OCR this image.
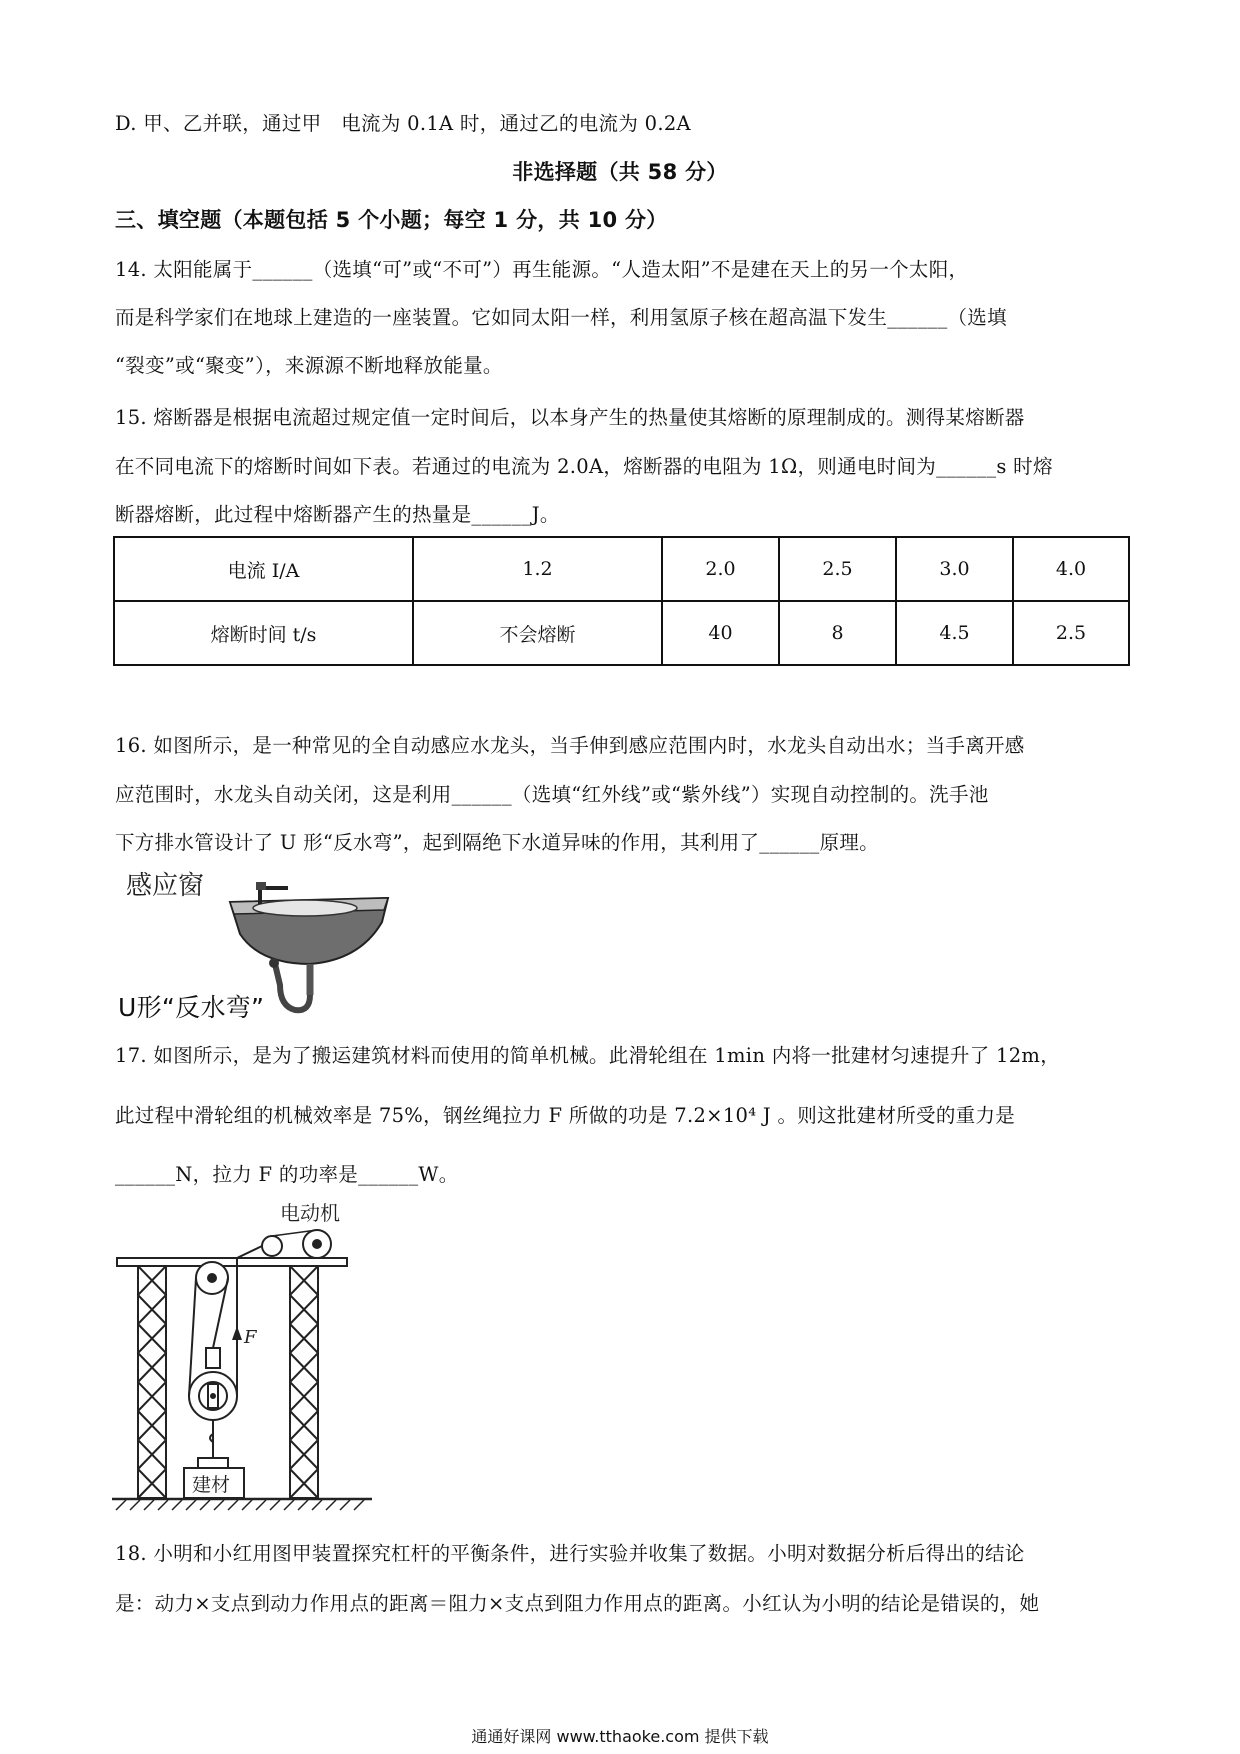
D. 甲、乙并联，通过甲　电流为 0.1A 时，通过乙的电流为 0.2A
非选择题（共 58 分）
三、填空题（本题包括 5 个小题；每空 1 分，共 10 分）
14. 太阳能属于______（选填“可”或“不可”）再生能源。“人造太阳”不是建在天上的另一个太阳，
而是科学家们在地球上建造的一座装置。它如同太阳一样，利用氢原子核在超高温下发生______（选填
“裂变”或“聚变”），来源源不断地释放能量。
15. 熔断器是根据电流超过规定值一定时间后，以本身产生的热量使其熔断的原理制成的。测得某熔断器
在不同电流下的熔断时间如下表。若通过的电流为 2.0A，熔断器的电阻为 1Ω，则通电时间为______s 时熔
断器熔断，此过程中熔断器产生的热量是______J。
电流 I/A	1.2	2.0	2.5	3.0	4.0
熔断时间 t/s	不会熔断	40	8	4.5	2.5
16. 如图所示，是一种常见的全自动感应水龙头，当手伸到感应范围内时，水龙头自动出水；当手离开感
应范围时，水龙头自动关闭，这是利用______（选填“红外线”或“紫外线”）实现自动控制的。洗手池
下方排水管设计了 U 形“反水弯”，起到隔绝下水道异味的作用，其利用了______原理。
感应窗
U形“反水弯”
17. 如图所示，是为了搬运建筑材料而使用的简单机械。此滑轮组在 1min 内将一批建材匀速提升了 12m，
此过程中滑轮组的机械效率是 75%，钢丝绳拉力 F 所做的功是 7.2×10⁴ J 。则这批建材所受的重力是
______N，拉力 F 的功率是______W。
电动机
F
建材
18. 小明和小红用图甲装置探究杠杆的平衡条件，进行实验并收集了数据。小明对数据分析后得出的结论
是：动力×支点到动力作用点的距离＝阻力×支点到阻力作用点的距离。小红认为小明的结论是错误的，她
通通好课网 www.tthaoke.com 提供下载
